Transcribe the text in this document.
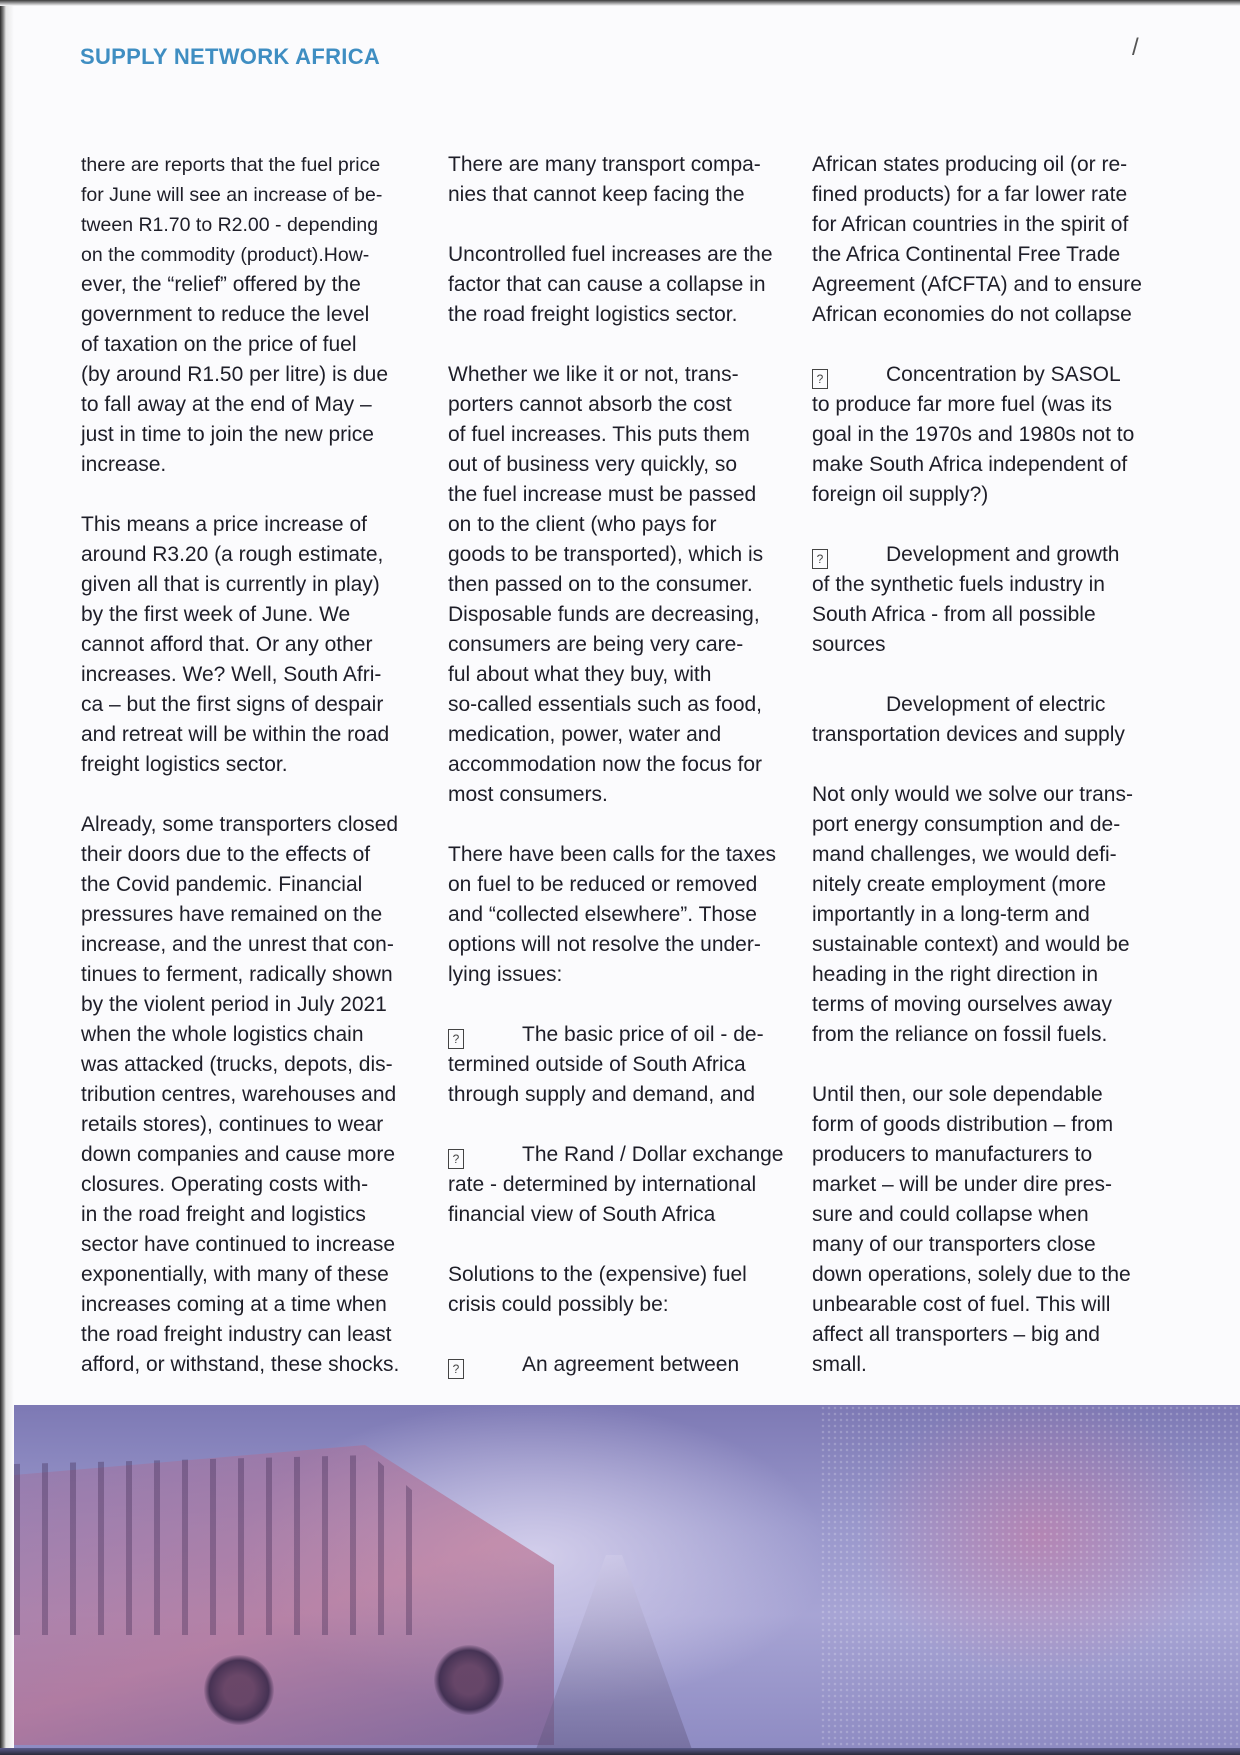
SUPPLY NETWORK AFRICA	/

there are reports that the fuel price
for June will see an increase of be-
tween R1.70 to R2.00 - depending
on the commodity (product).How-

ever, the “relief” offered by the
government to reduce the level
of taxation on the price of fuel
(by around R1.50 per litre) is due
to fall away at the end of May –
just in time to join the new price
increase.

This means a price increase of
around R3.20 (a rough estimate,
given all that is currently in play)
by the first week of June. We
cannot afford that. Or any other
increases. We? Well, South Afri-
ca – but the first signs of despair
and retreat will be within the road
freight logistics sector.

Already, some transporters closed
their doors due to the effects of
the Covid pandemic. Financial
pressures have remained on the
increase, and the unrest that con-
tinues to ferment, radically shown
by the violent period in July 2021
when the whole logistics chain
was attacked (trucks, depots, dis-
tribution centres, warehouses and
retails stores), continues to wear
down companies and cause more
closures. Operating costs with-
in the road freight and logistics
sector have continued to increase
exponentially, with many of these
increases coming at a time when
the road freight industry can least
afford, or withstand, these shocks.

There are many transport compa-
nies that cannot keep facing the

Uncontrolled fuel increases are the
factor that can cause a collapse in
the road freight logistics sector.

Whether we like it or not, trans-
porters cannot absorb the cost
of fuel increases. This puts them
out of business very quickly, so
the fuel increase must be passed
on to the client (who pays for
goods to be transported), which is
then passed on to the consumer.
Disposable funds are decreasing,
consumers are being very care-
ful about what they buy, with
so-called essentials such as food,
medication, power, water and
accommodation now the focus for
most consumers.

There have been calls for the taxes
on fuel to be reduced or removed
and “collected elsewhere”. Those
options will not resolve the under-
lying issues:

?	The basic price of oil - de-

termined outside of South Africa
through supply and demand, and

?	The Rand / Dollar exchange

rate - determined by international
financial view of South Africa

Solutions to the (expensive) fuel
crisis could possibly be:

?	An agreement between

African states producing oil (or re-
fined products) for a far lower rate
for African countries in the spirit of
the Africa Continental Free Trade
Agreement (AfCFTA) and to ensure
African economies do not collapse

?	Concentration by SASOL

to produce far more fuel (was its
goal in the 1970s and 1980s not to
make South Africa independent of
foreign oil supply?)

?	Development and growth

of the synthetic fuels industry in
South Africa - from all possible
sources

Development of electric

transportation devices and supply

Not only would we solve our trans-
port energy consumption and de-
mand challenges, we would defi-
nitely create employment (more
importantly in a long-term and
sustainable context) and would be
heading in the right direction in
terms of moving ourselves away
from the reliance on fossil fuels.

Until then, our sole dependable
form of goods distribution – from
producers to manufacturers to
market – will be under dire pres-
sure and could collapse when
many of our transporters close
down operations, solely due to the
unbearable cost of fuel. This will
affect all transporters – big and
small.
